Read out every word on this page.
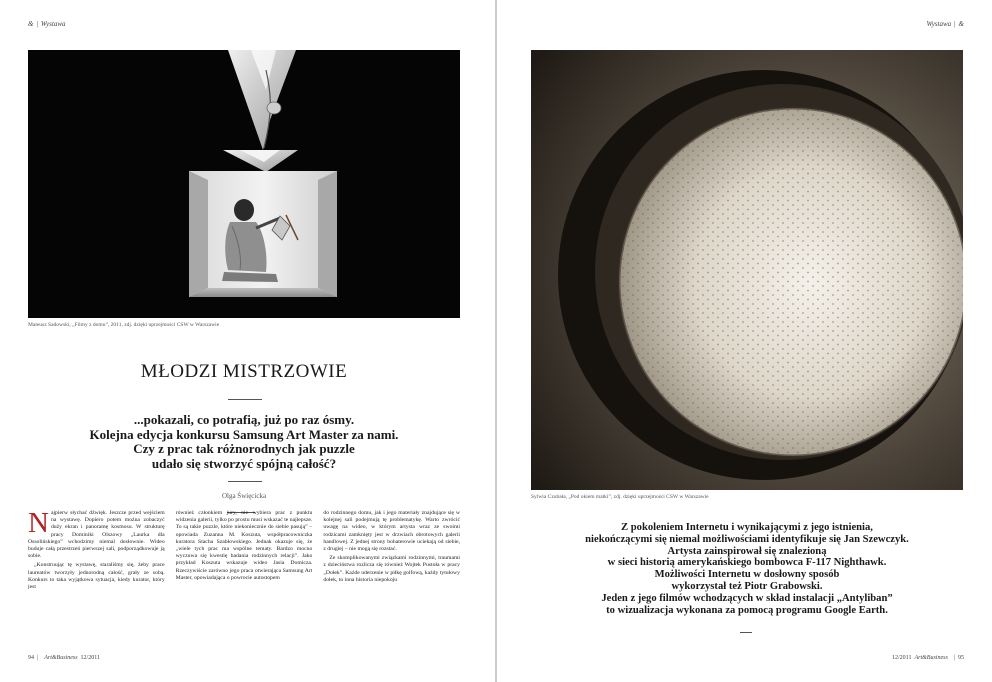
& | Wystawa
Mateusz Sadowski, „Filmy z domu”, 2011, zdj. dzięki uprzejmości CSW w Warszawie
MŁODZI MISTRZOWIE
...pokazali, co potrafią, już po raz ósmy.
Kolejna edycja konkursu Samsung Art Master za nami.
Czy z prac tak różnorodnych jak puzzle
udało się stworzyć spójną całość?
Olga Święcicka

Najpierw słychać dźwięk. Jeszcze przed wejściem na wystawę. Dopiero potem można zobaczyć duży ekran i panoramę kosmosu. W strukturę pracy Dominiki Olszowy „Laurka dla Ossolińskiego” wchodzimy niemal dosłownie. Wideo buduje całą przestrzeń pierwszej sali, podporządkowuje ją sobie.

„Konstruując tę wystawę, staraliśmy się, żeby prace laureatów tworzyły jednorodną całość, grały ze sobą. Konkurs to taka wyjątkowa sytuacja, kiedy kurator, który jest

również członkiem jury, nie wybiera prac z punktu widzenia galerii, tylko po prostu musi wskazać te najlepsze. To są takie puzzle, które niekoniecznie do siebie pasują” – opowiada Zuzanna M. Koszuta, współpracowniczka kuratora Stacha Szabłowskiego. Jednak okazuje się, że „wiele tych prac ma wspólne tematy. Bardzo mocno wyczuwa się kwestię badania rodzinnych relacji”. Jako przykład Koszuta wskazuje wideo Jasia Domicza. Rzeczywiście zarówno jego praca otwierająca Samsung Art Master, opowiadająca o powrocie autostopem

do rodzinnego domu, jak i jego materiały znajdujące się w kolejnej sali podejmują tę problematykę. Warto zwrócić uwagę na wideo, w którym artysta wraz ze swoimi rodzicami zamknięty jest w drzwiach obrotowych galerii handlowej. Z jednej strony bohaterowie uciekają od siebie, z drugiej – nie mogą się rozstać.

Ze skomplikowanymi związkami rodzinnymi, traumami z dzieciństwa rozlicza się również Wojtek Pustoła w pracy „Dołek”. Każde uderzenie w piłkę golfową, każdy tytułowy dołek, to inna historia niepokoju

94 | Art&Business 12/2011
Wystawa | &
Sylwia Czubała, „Pod okiem matki”, zdj. dzięki uprzejmości CSW w Warszawie
Z pokoleniem Internetu i wynikającymi z jego istnienia,
niekończącymi się niemal możliwościami identyfikuje się Jan Szewczyk.
Artysta zainspirował się znalezioną
w sieci historią amerykańskiego bombowca F-117 Nighthawk.
Możliwości Internetu w dosłowny sposób
wykorzystał też Piotr Grabowski.
Jeden z jego filmów wchodzących w skład instalacji „Antyliban”
to wizualizacja wykonana za pomocą programu Google Earth.
12/2011 Art&Business | 95
